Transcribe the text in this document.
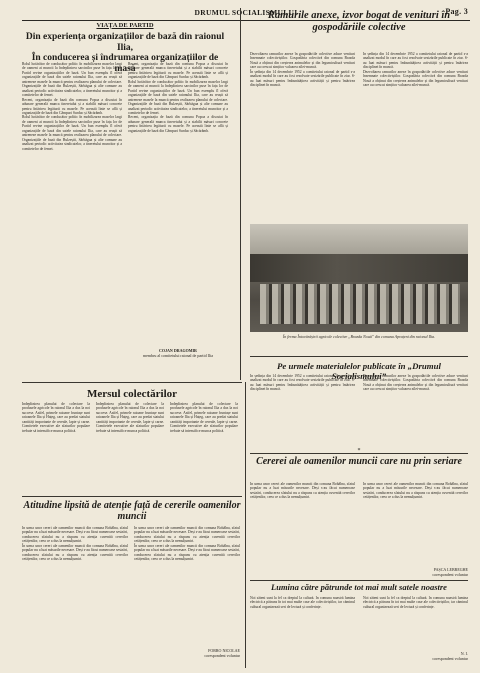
DRUMUL SOCIALISMULUI	Pag. 3
VIAȚA DE PARTID
Din experiența organizațiilor de bază din raionul Ilia,
În conducerea și îndrumarea organizațiilor de masă
Rolul hotărâtor de conducător politic în mobilizarea maselor largi de oameni ai muncii la îndeplinirea sarcinilor puse în fața lor de Partid revine organizațiilor de bază. Un bun exemplu îl oferă organizațiile de bază din satele raionului Ilia, care au reușit să antreneze masele la muncă pentru realizarea planului de colectare. Organizațiile de bază din Bulzeștii, Sărbăgua și alte comune au analizat periodic activitatea sindicatelor, a tineretului muncitor și a comitetelor de femei.
Recent, organizația de bază din comuna Popoa a discutat în adunare generală munca tineretului și a stabilit măsuri concrete pentru întărirea legăturii cu masele. Pe această linie se află și organizațiile de bază din Câmpuri Surduc și Săcărâmb.
Rolul hotărâtor de conducător politic în mobilizarea maselor largi de oameni ai muncii la îndeplinirea sarcinilor puse în fața lor de Partid revine organizațiilor de bază. Un bun exemplu îl oferă organizațiile de bază din satele raionului Ilia, care au reușit să antreneze masele la muncă pentru realizarea planului de colectare. Organizațiile de bază din Bulzeștii, Sărbăgua și alte comune au analizat periodic activitatea sindicatelor, a tineretului muncitor și a comitetelor de femei.
Recent, organizația de bază din comuna Popoa a discutat în adunare generală munca tineretului și a stabilit măsuri concrete pentru întărirea legăturii cu masele. Pe această linie se află și organizațiile de bază din Câmpuri Surduc și Săcărâmb.
Rolul hotărâtor de conducător politic în mobilizarea maselor largi de oameni ai muncii la îndeplinirea sarcinilor puse în fața lor de Partid revine organizațiilor de bază. Un bun exemplu îl oferă organizațiile de bază din satele raionului Ilia, care au reușit să antreneze masele la muncă pentru realizarea planului de colectare. Organizațiile de bază din Bulzeștii, Sărbăgua și alte comune au analizat periodic activitatea sindicatelor, a tineretului muncitor și a comitetelor de femei.
Recent, organizația de bază din comuna Popoa a discutat în adunare generală munca tineretului și a stabilit măsuri concrete pentru întărirea legăturii cu masele. Pe această linie se află și organizațiile de bază din Câmpuri Surduc și Săcărâmb.
COJAN DRAGOMIR
membru al comitetului raional de partid Ilia
Ramurile anexe, izvor bogat de venituri în gospodăriile colective
Dezvoltarea ramurilor anexe în gospodăriile colective aduce venituri însemnate colectiviștilor. Gospodăria colectivă din comuna Brazda Nouă a obținut din creșterea animalelor și din legumicultură venituri care au crescut simțitor valoarea zilei-muncă.
În ședința din 14 decembrie 1952 a comitetului raional de partid s-a analizat modul în care au fost rezolvate sesizările publicate în ziar. S-au luat măsuri pentru îmbunătățirea activității și pentru întărirea disciplinei în muncă.
În ședința din 14 decembrie 1952 a comitetului raional de partid s-a analizat modul în care au fost rezolvate sesizările publicate în ziar. S-au luat măsuri pentru îmbunătățirea activității și pentru întărirea disciplinei în muncă.
Dezvoltarea ramurilor anexe în gospodăriile colective aduce venituri însemnate colectiviștilor. Gospodăria colectivă din comuna Brazda Nouă a obținut din creșterea animalelor și din legumicultură venituri care au crescut simțitor valoarea zilei-muncă.
În ferma Întovărășirii agricole colective „Brazda Nouă” din comuna Aprațeni din raionul Ilia.
Pe urmele materialelor publicate în „Drumul Socialismului”
În ședința din 14 decembrie 1952 a comitetului raional de partid s-a analizat modul în care au fost rezolvate sesizările publicate în ziar. S-au luat măsuri pentru îmbunătățirea activității și pentru întărirea disciplinei în muncă.
Dezvoltarea ramurilor anexe în gospodăriile colective aduce venituri însemnate colectiviștilor. Gospodăria colectivă din comuna Brazda Nouă a obținut din creșterea animalelor și din legumicultură venituri care au crescut simțitor valoarea zilei-muncă.
Mersul colectărilor
Îndeplinirea planului de colectare la produsele agricole în raionul Ilia a dus la noi succese. Astfel, primele raioane fruntașe sunt raioanele Ilia și Hațeg, care au predat statului cantități importante de cereale, lapte și carne. Comitetele executive ale sfaturilor populare trebuie să intensifice munca politică.
Îndeplinirea planului de colectare la produsele agricole în raionul Ilia a dus la noi succese. Astfel, primele raioane fruntașe sunt raioanele Ilia și Hațeg, care au predat statului cantități importante de cereale, lapte și carne. Comitetele executive ale sfaturilor populare trebuie să intensifice munca politică.
Îndeplinirea planului de colectare la produsele agricole în raionul Ilia a dus la noi succese. Astfel, primele raioane fruntașe sunt raioanele Ilia și Hațeg, care au predat statului cantități importante de cereale, lapte și carne. Comitetele executive ale sfaturilor populare trebuie să intensifice munca politică.
Atitudine lipsită de atenție față de cererile oamenilor muncii
În urma unor cereri ale oamenilor muncii din comuna Bobâlna, sfatul popular nu a luat măsurile necesare. Deși s-au făcut numeroase sesizări, conducerea sfatului nu a răspuns cu atenția cuvenită cererilor cetățenilor, ceea ce a dus la nemulțumiri.
În urma unor cereri ale oamenilor muncii din comuna Bobâlna, sfatul popular nu a luat măsurile necesare. Deși s-au făcut numeroase sesizări, conducerea sfatului nu a răspuns cu atenția cuvenită cererilor cetățenilor, ceea ce a dus la nemulțumiri.
În urma unor cereri ale oamenilor muncii din comuna Bobâlna, sfatul popular nu a luat măsurile necesare. Deși s-au făcut numeroase sesizări, conducerea sfatului nu a răspuns cu atenția cuvenită cererilor cetățenilor, ceea ce a dus la nemulțumiri.
În urma unor cereri ale oamenilor muncii din comuna Bobâlna, sfatul popular nu a luat măsurile necesare. Deși s-au făcut numeroase sesizări, conducerea sfatului nu a răspuns cu atenția cuvenită cererilor cetățenilor, ceea ce a dus la nemulțumiri.
FORRO NICOLAE
corespondent voluntar
*
Cererei ale oamenilor muncii care nu prin seriare
În urma unor cereri ale oamenilor muncii din comuna Bobâlna, sfatul popular nu a luat măsurile necesare. Deși s-au făcut numeroase sesizări, conducerea sfatului nu a răspuns cu atenția cuvenită cererilor cetățenilor, ceea ce a dus la nemulțumiri.
În urma unor cereri ale oamenilor muncii din comuna Bobâlna, sfatul popular nu a luat măsurile necesare. Deși s-au făcut numeroase sesizări, conducerea sfatului nu a răspuns cu atenția cuvenită cererilor cetățenilor, ceea ce a dus la nemulțumiri.
PAȘCA LEBREGHE
corespondent voluntar
Lumina către pătrunde tot mai mult satele noastre
Noi săteni sunt la fel ca dreptul la cultură. În comuna noastră lumina electrică a pătruns în tot mai multe case ale colectiviștilor, iar căminul cultural organizează seri de lectură și conferințe.
Noi săteni sunt la fel ca dreptul la cultură. În comuna noastră lumina electrică a pătruns în tot mai multe case ale colectiviștilor, iar căminul cultural organizează seri de lectură și conferințe.
N. I.
corespondent voluntar
